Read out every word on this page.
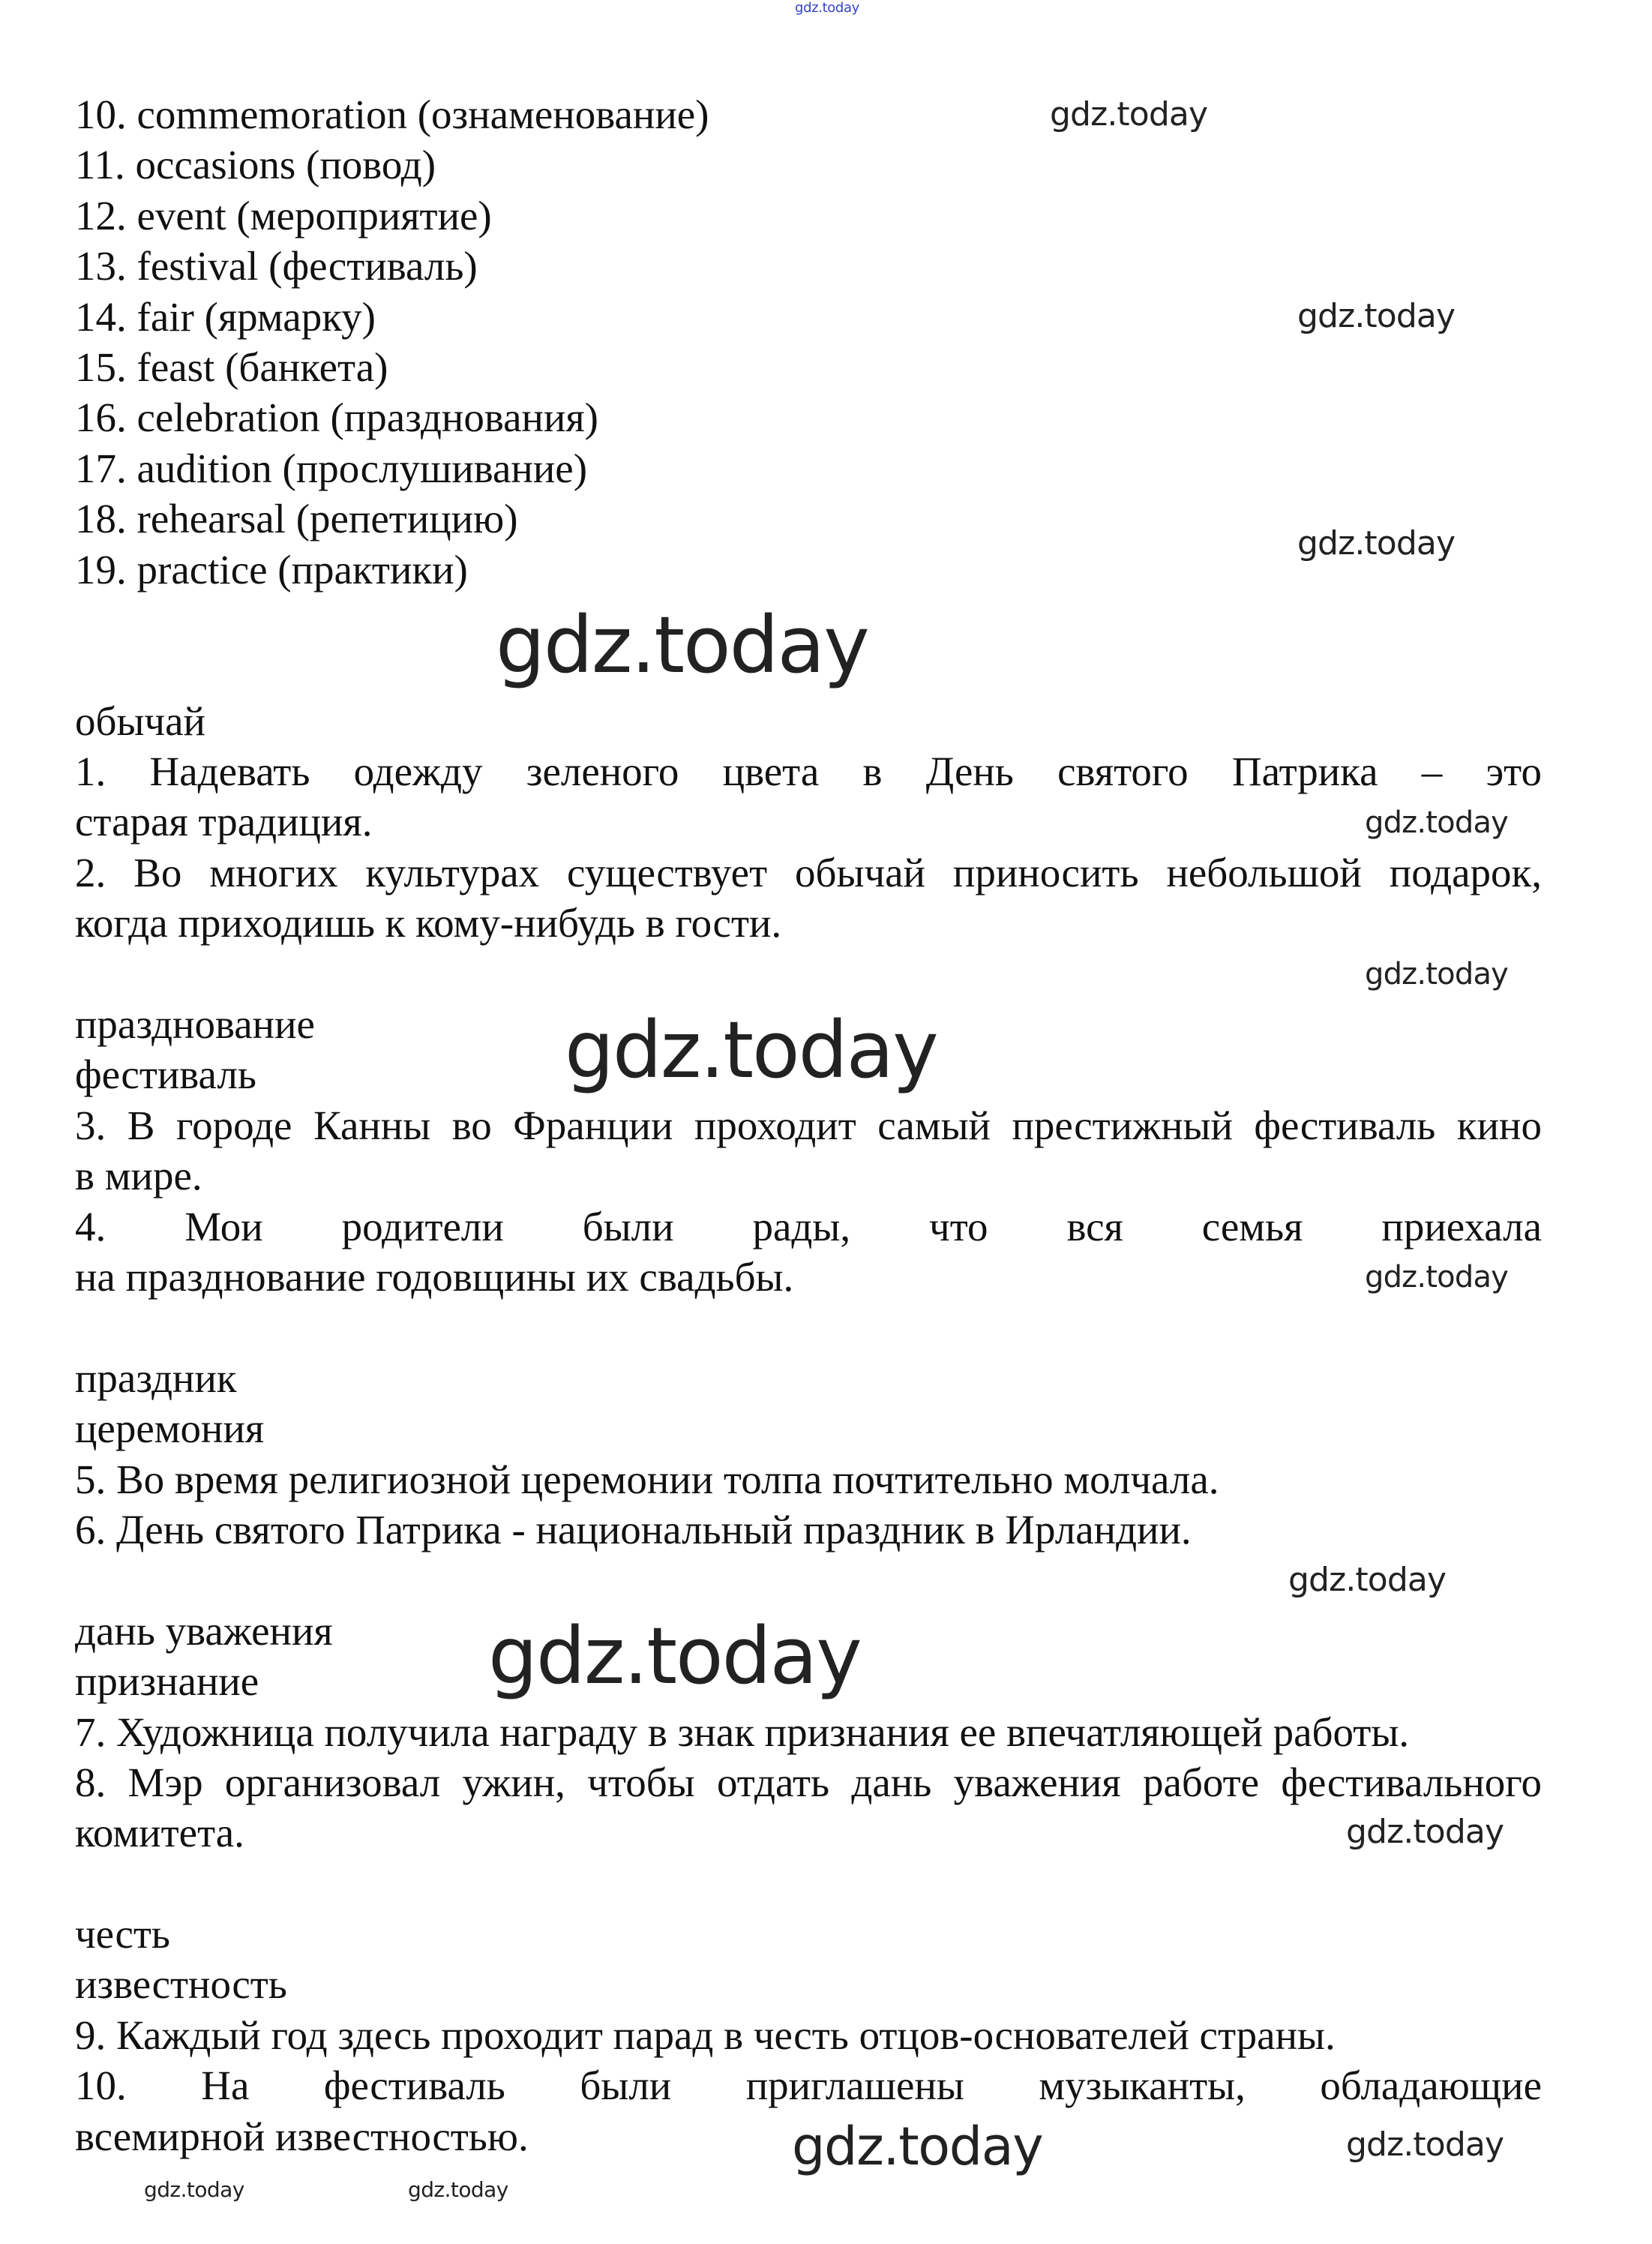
10. commemoration (ознаменование)
11. occasions (повод)
12. event (мероприятие)
13. festival (фестиваль)
14. fair (ярмарку)
15. feast (банкета)
16. celebration (празднования)
17. audition (прослушивание)
18. rehearsal (репетицию)
19. practice (практики)
обычай
1. Надевать одежду зеленого цвета в День святого Патрика – это
старая традиция.
2. Во многих культурах существует обычай приносить небольшой подарок,
когда приходишь к кому-нибудь в гости.
празднование
фестиваль
3. В городе Канны во Франции проходит самый престижный фестиваль кино
в мире.
4. Мои родители были рады, что вся семья приехала
на празднование годовщины их свадьбы.
праздник
церемония
5. Во время религиозной церемонии толпа почтительно молчала.
6. День святого Патрика - национальный праздник в Ирландии.
дань уважения
признание
7. Художница получила награду в знак признания ее впечатляющей работы.
8. Мэр организовал ужин, чтобы отдать дань уважения работе фестивального
комитета.
честь
известность
9. Каждый год здесь проходит парад в честь отцов-основателей страны.
10. На фестиваль были приглашены музыканты, обладающие
всемирной известностью.
gdz.today
gdz.today
gdz.today
gdz.today
gdz.today
gdz.today
gdz.today
gdz.today
gdz.today
gdz.today
gdz.today
gdz.today
gdz.today	gdz.today
gdz.today	gdz.today
